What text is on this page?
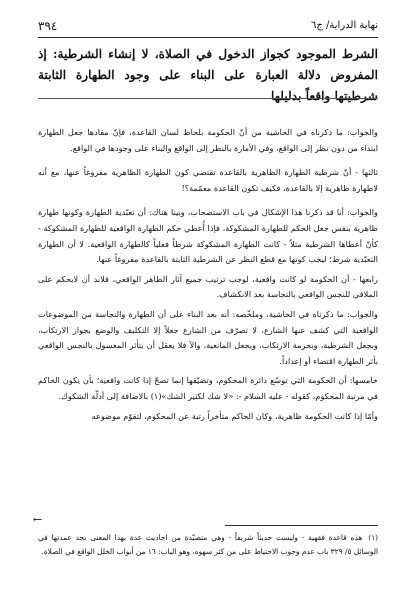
٣٩٤	نهاية الدراية/ ج٦
الشرط الموجود كجواز الدخول في الصلاة، لا إنشاء الشرطية: إذ المفروض دلالة العبارة على البناء على وجود الطهارة الثابتة شرطيتها واقعاً بدليلها

والجواب: ما ذكرناه في الحاشية من أنّ الحكومة بلحاظ لسان القاعدة، فإنّ مفادها جعل الطهارة ابتداء من دون نظر إلى الواقع، وفي الأمارة بالنظر إلى الواقع والبناء على وجودها في الواقع.

ثالثها - أنّ شرطية الطهارة الظاهرية بالقاعدة تقتضي كون الطهارة الظاهرية مفروغاً عنها، مع أنه لاطهارة ظاهرية إلا بالقاعدة، فكيف تكون القاعدة معمّمة؟!

والجواب: أنا قد ذكرنا هذا الإشكال في باب الاستصحاب، وبينا هناك: أن تعبّدية الطهارة وكونها طهارة ظاهرية بنفس جعل الحكم للطهارة المشكوكة، فإذا أُعطي حكم الطهارة الواقعية للطهارة المشكوكة - كأنّ أعطاها الشرطية مثلاً - كانت الطهارة المشكوكة شرطاً فعلياً كالطهارة الواقعية. لا أن الطهارة التعبّدية شرط؛ ليجب كونها مع قطع النظر عن الشرطية الثابتة بالقاعدة مفروغاً عنها.

رابعها - أن الحكومة لو كانت واقعية، لوجب ترتيب جميع آثار الطاهر الواقعي، فلابد أن لايحكم على الملاقي للنجس الواقعي بالنجاسة بعد الانكشاف.

والجواب: ما ذكرناه في الحاشية، وملخّصه: أنه بعد البناء على أن الطهارة والنجاسة من الموضوعات الواقعية التي كشف عنها الشارع، لا تصرّف من الشارع جعلاً إلا التكليف والوضع بجواز الارتكاب، وبجعل الشرطية، وبحرمة الارتكاب، وبجعل المانعية، والآ فلا يعقل أن يتأثر المغسول بالنجس الواقعي بأثر الطهارة اقتضاء أو إعداداً.

خامسها: أن الحكومة التي توسّع دائرة المحكوم، وتضيّقها إنما تصحّ إذا كانت واقعية؛ بأن يكون الحاكم في مرتبة المحكوم، كقوله - عليه السلام -: «لا شك لكثير الشك»(١) بالاضافة إلى أدلّة الشكوك.

وأمّا إذا كانت الحكومة ظاهرية، وكان الحاكم متأخراً رتبة عن المحكوم، لتقوّم موضوعه

←
(١)
هذه قاعدة فقهية - وليست حديثاً شريفاً - وهي متصيّدة من احاديث عدة بهذا المعنى نجد عمدتها في الوسائل ٥/ ٣٢٩ باب عدم وجوب الاحتياط على من كثر سهوه، وهو الباب: ١٦ من أبواب الخلل الواقع في الصلاة.
